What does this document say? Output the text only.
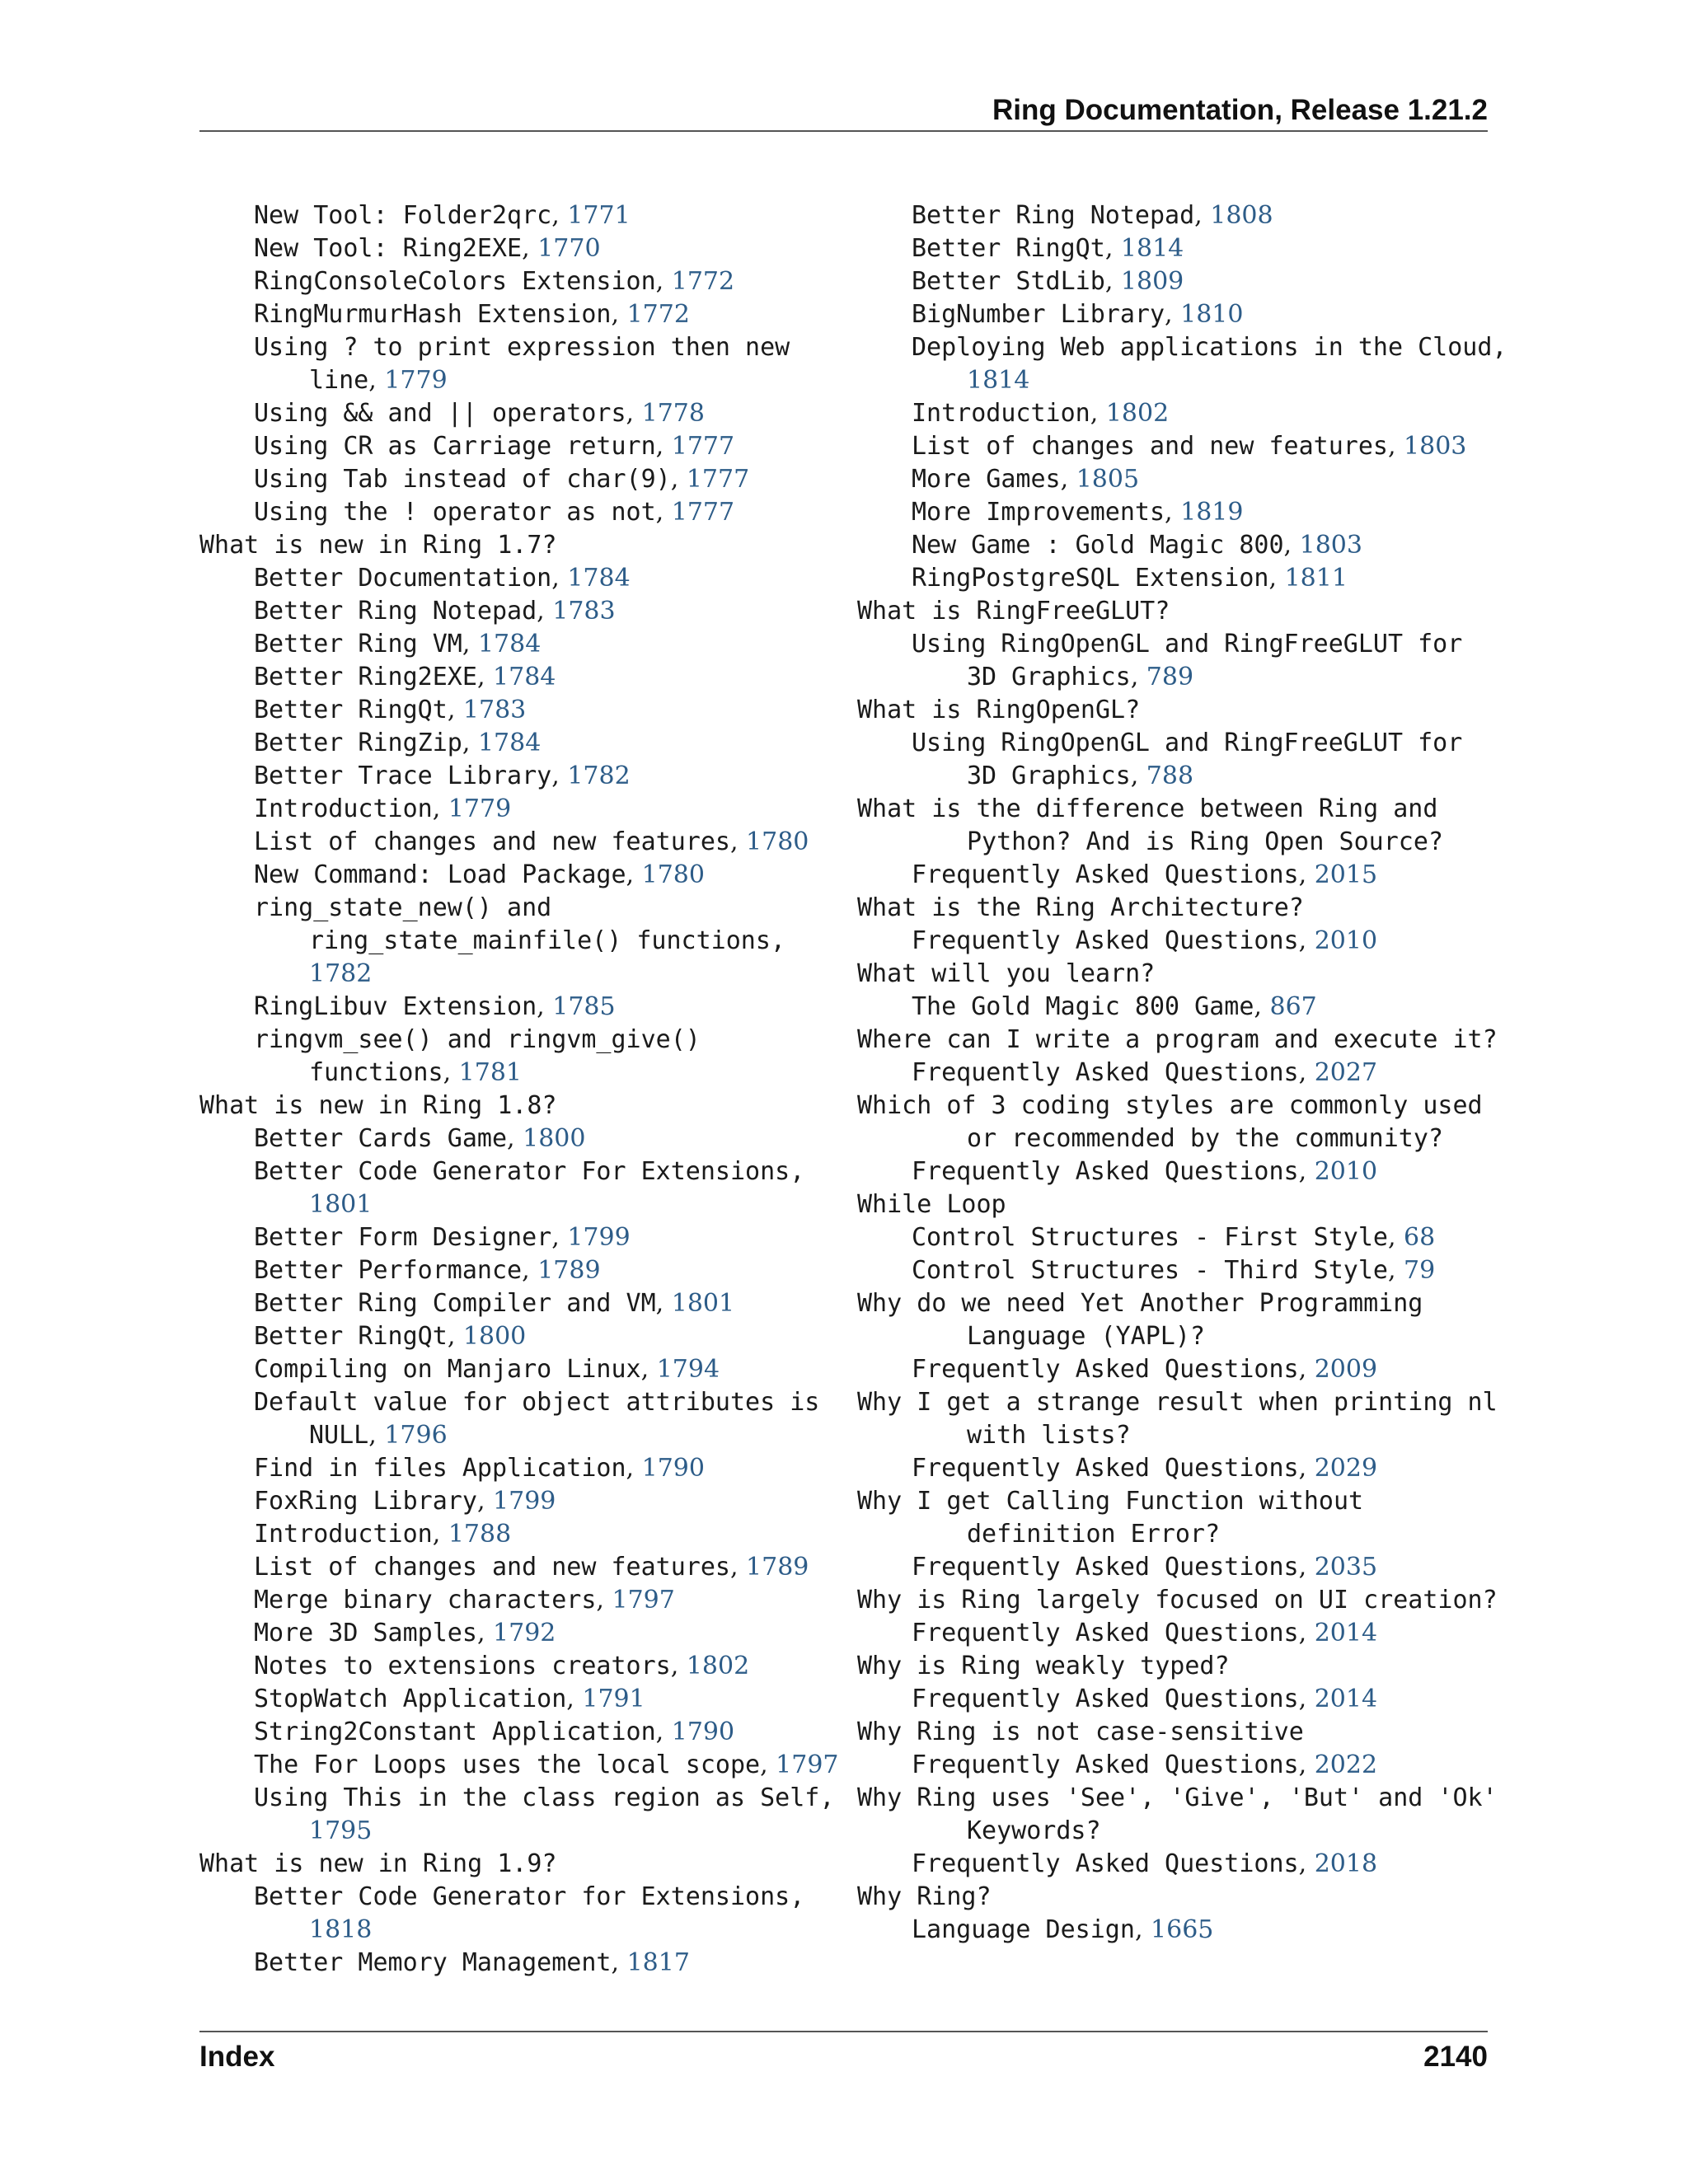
Ring Documentation, Release 1.21.2
New Tool: Folder2qrc, 1771
New Tool: Ring2EXE, 1770
RingConsoleColors Extension, 1772
RingMurmurHash Extension, 1772
Using ? to print expression then new
line, 1779
Using && and || operators, 1778
Using CR as Carriage return, 1777
Using Tab instead of char(9), 1777
Using the ! operator as not, 1777
What is new in Ring 1.7?
Better Documentation, 1784
Better Ring Notepad, 1783
Better Ring VM, 1784
Better Ring2EXE, 1784
Better RingQt, 1783
Better RingZip, 1784
Better Trace Library, 1782
Introduction, 1779
List of changes and new features, 1780
New Command: Load Package, 1780
ring_state_new() and
ring_state_mainfile() functions,
1782
RingLibuv Extension, 1785
ringvm_see() and ringvm_give()
functions, 1781
What is new in Ring 1.8?
Better Cards Game, 1800
Better Code Generator For Extensions,
1801
Better Form Designer, 1799
Better Performance, 1789
Better Ring Compiler and VM, 1801
Better RingQt, 1800
Compiling on Manjaro Linux, 1794
Default value for object attributes is
NULL, 1796
Find in files Application, 1790
FoxRing Library, 1799
Introduction, 1788
List of changes and new features, 1789
Merge binary characters, 1797
More 3D Samples, 1792
Notes to extensions creators, 1802
StopWatch Application, 1791
String2Constant Application, 1790
The For Loops uses the local scope, 1797
Using This in the class region as Self,
1795
What is new in Ring 1.9?
Better Code Generator for Extensions,
1818
Better Memory Management, 1817
Better Ring Notepad, 1808
Better RingQt, 1814
Better StdLib, 1809
BigNumber Library, 1810
Deploying Web applications in the Cloud,
1814
Introduction, 1802
List of changes and new features, 1803
More Games, 1805
More Improvements, 1819
New Game : Gold Magic 800, 1803
RingPostgreSQL Extension, 1811
What is RingFreeGLUT?
Using RingOpenGL and RingFreeGLUT for
3D Graphics, 789
What is RingOpenGL?
Using RingOpenGL and RingFreeGLUT for
3D Graphics, 788
What is the difference between Ring and
Python? And is Ring Open Source?
Frequently Asked Questions, 2015
What is the Ring Architecture?
Frequently Asked Questions, 2010
What will you learn?
The Gold Magic 800 Game, 867
Where can I write a program and execute it?
Frequently Asked Questions, 2027
Which of 3 coding styles are commonly used
or recommended by the community?
Frequently Asked Questions, 2010
While Loop
Control Structures - First Style, 68
Control Structures - Third Style, 79
Why do we need Yet Another Programming
Language (YAPL)?
Frequently Asked Questions, 2009
Why I get a strange result when printing nl
with lists?
Frequently Asked Questions, 2029
Why I get Calling Function without
definition Error?
Frequently Asked Questions, 2035
Why is Ring largely focused on UI creation?
Frequently Asked Questions, 2014
Why is Ring weakly typed?
Frequently Asked Questions, 2014
Why Ring is not case-sensitive
Frequently Asked Questions, 2022
Why Ring uses 'See', 'Give', 'But' and 'Ok'
Keywords?
Frequently Asked Questions, 2018
Why Ring?
Language Design, 1665
Index	2140
